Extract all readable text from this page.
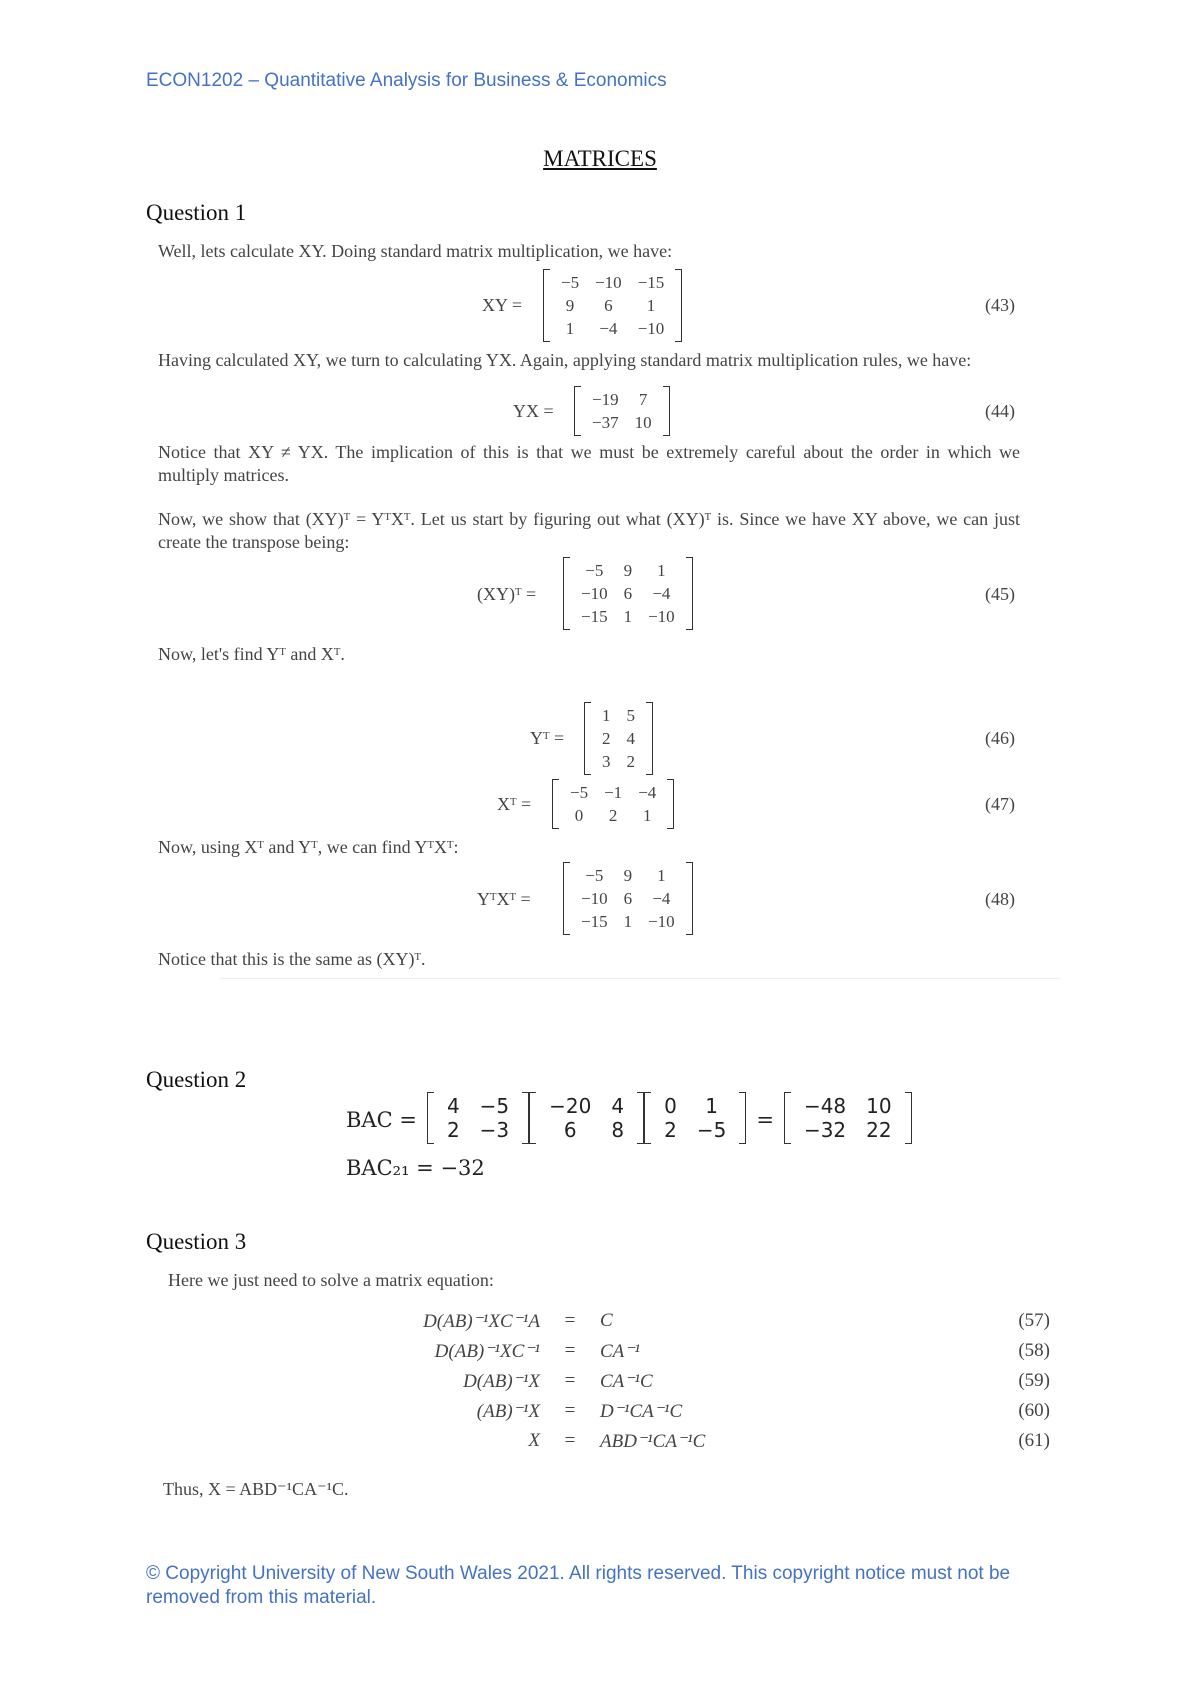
ECON1202 – Quantitative Analysis for Business & Economics
MATRICES
Question 1
Well, lets calculate XY. Doing standard matrix multiplication, we have:
XY =
−5	−10	−15
9	6	1
1	−4	−10
(43)
Having calculated XY, we turn to calculating YX. Again, applying standard matrix multiplication rules, we have:
YX =
−19	7
−37	10
(44)
Notice that XY ≠ YX. The implication of this is that we must be extremely careful about the order in which we multiply matrices.
Now, we show that (XY)ᵀ = YᵀXᵀ. Let us start by figuring out what (XY)ᵀ is. Since we have XY above, we can just create the transpose being:
(XY)ᵀ =
−5	9	1
−10	6	−4
−15	1	−10
(45)
Now, let's find Yᵀ and Xᵀ.
Yᵀ =
1	5
2	4
3	2
(46)
Xᵀ =
−5	−1	−4
0	2	1
(47)
Now, using Xᵀ and Yᵀ, we can find YᵀXᵀ:
YᵀXᵀ =
−5	9	1
−10	6	−4
−15	1	−10
(48)
Notice that this is the same as (XY)ᵀ.
Question 2
BAC =
4	−5
2	−3
−20	4
6	8
0	1
2	−5 =
−48	10
−32	22
BAC₂₁ = −32
Question 3
Here we just need to solve a matrix equation:
D(AB)⁻¹XC⁻¹A	=	C	(57)
D(AB)⁻¹XC⁻¹	=	CA⁻¹	(58)
D(AB)⁻¹X	=	CA⁻¹C	(59)
(AB)⁻¹X	=	D⁻¹CA⁻¹C	(60)
X	=	ABD⁻¹CA⁻¹C	(61)
Thus, X = ABD⁻¹CA⁻¹C.
© Copyright University of New South Wales 2021. All rights reserved. This copyright notice must not be removed from this material.
